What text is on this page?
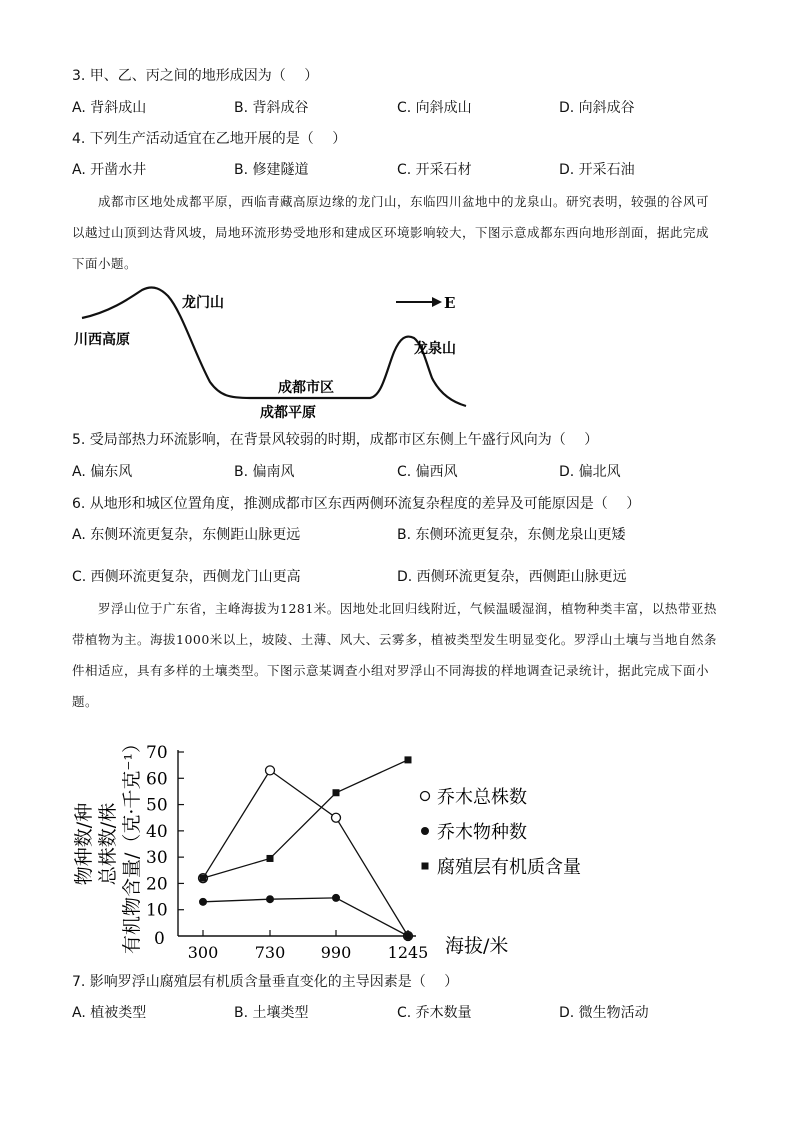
3. 甲、乙、丙之间的地形成因为（　 ）
A. 背斜成山	B. 背斜成谷	C. 向斜成山	D. 向斜成谷
4. 下列生产活动适宜在乙地开展的是（　 ）
A. 开凿水井	B. 修建隧道	C. 开采石材	D. 开采石油
成都市区地处成都平原，西临青藏高原边缘的龙门山，东临四川盆地中的龙泉山。研究表明，较强的谷风可以越过山顶到达背风坡，局地环流形势受地形和建成区环境影响较大，下图示意成都东西向地形剖面，据此完成下面小题。
E
龙门山
川西高原
龙泉山
成都市区
成都平原
5. 受局部热力环流影响，在背景风较弱的时期，成都市区东侧上午盛行风向为（　 ）
A. 偏东风	B. 偏南风	C. 偏西风	D. 偏北风
6. 从地形和城区位置角度，推测成都市区东西两侧环流复杂程度的差异及可能原因是（　 ）
A. 东侧环流更复杂，东侧距山脉更远	B. 东侧环流更复杂，东侧龙泉山更矮
C. 西侧环流更复杂，西侧龙门山更高	D. 西侧环流更复杂，西侧距山脉更远
罗浮山位于广东省，主峰海拔为1281米。因地处北回归线附近，气候温暖湿润，植物种类丰富，以热带亚热带植物为主。海拔1000米以上，坡陵、土薄、风大、云雾多，植被类型发生明显变化。罗浮山土壤与当地自然条件相适应，具有多样的土壤类型。下图示意某调查小组对罗浮山不同海拔的样地调查记录统计，据此完成下面小题。
0
10
20
30
40
50
60
70
300 730 990 1245 海拔/米
物种数/种 总株数/株 有机物含量/（克·千克⁻¹）	乔木总株数
乔木物种数
腐殖层有机质含量
7. 影响罗浮山腐殖层有机质含量垂直变化的主导因素是（　 ）
A. 植被类型	B. 土壤类型	C. 乔木数量	D. 微生物活动
